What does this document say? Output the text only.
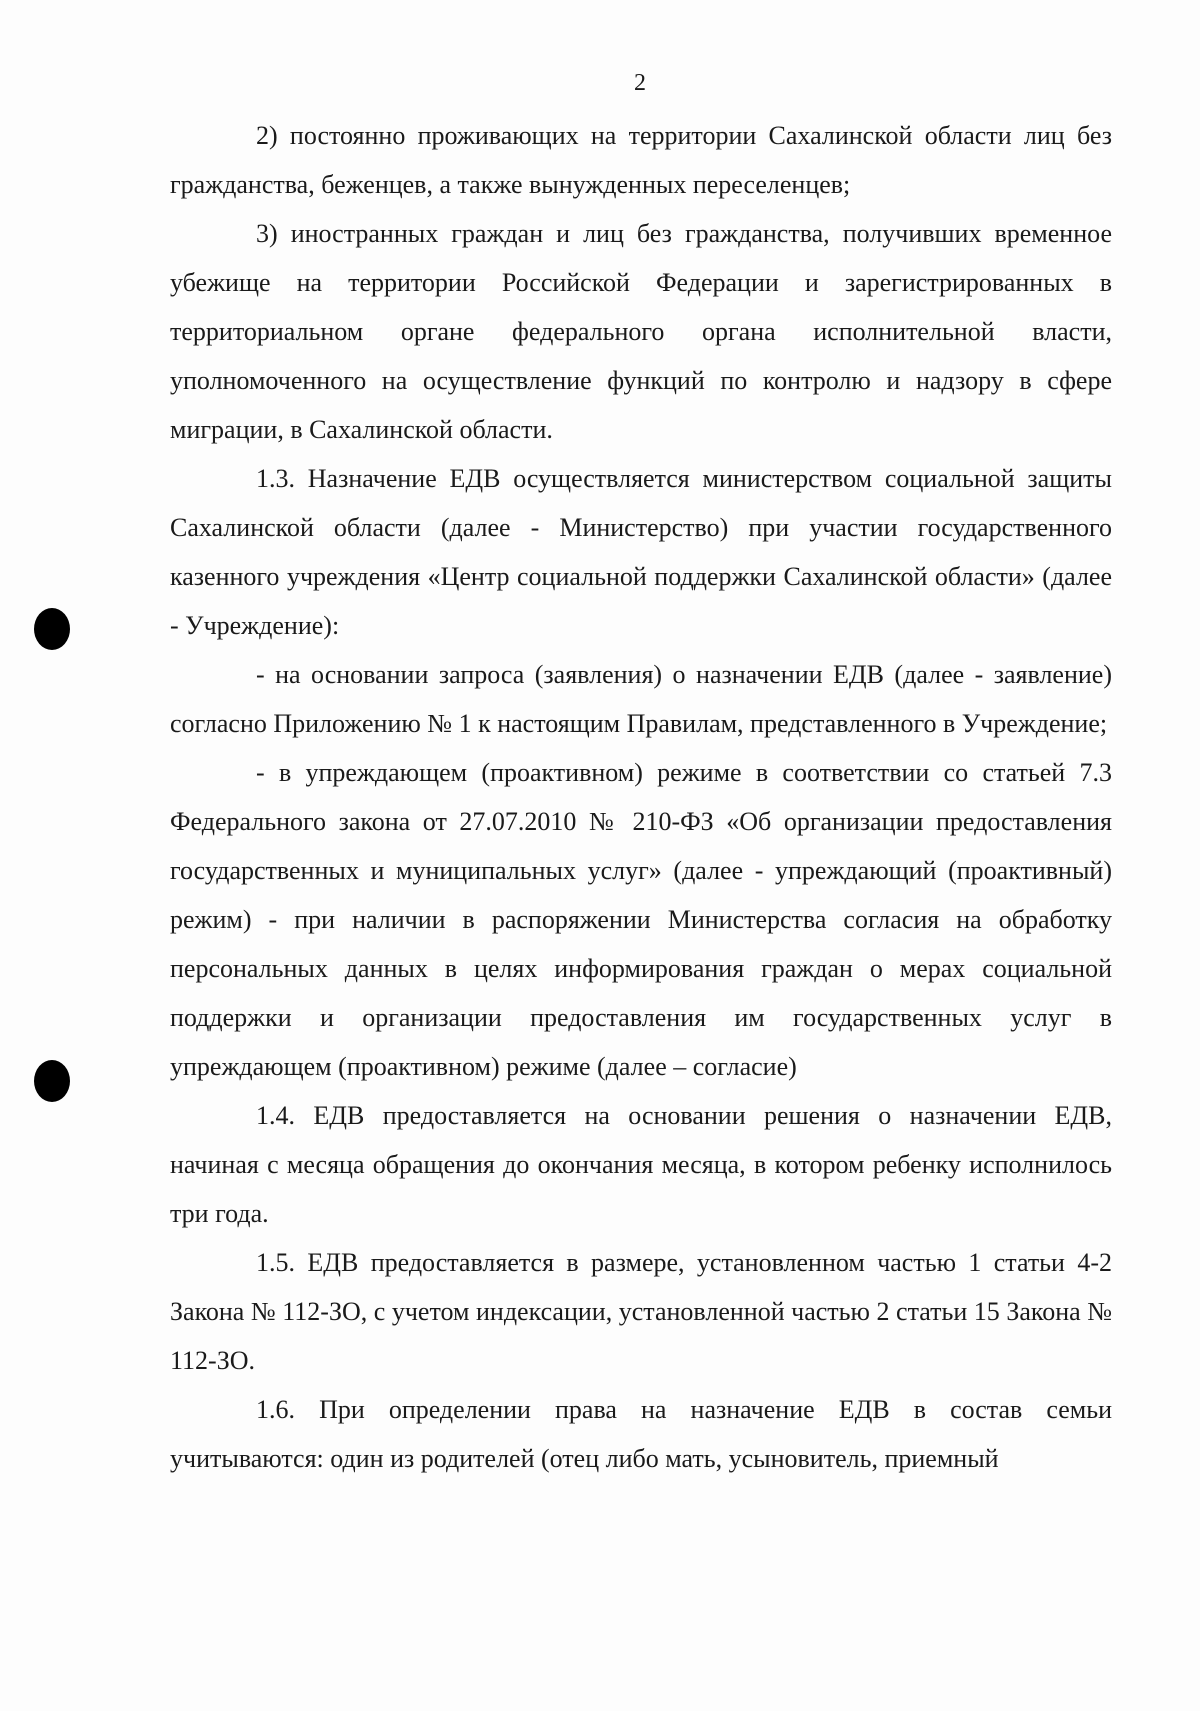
2

2) постоянно проживающих на территории Сахалинской области лиц без гражданства, беженцев, а также вынужденных переселенцев;

3) иностранных граждан и лиц без гражданства, получивших временное убежище на территории Российской Федерации и зарегистрированных в территориальном органе федерального органа исполнительной власти, уполномоченного на осуществление функций по контролю и надзору в сфере миграции, в Сахалинской области.

1.3. Назначение ЕДВ осуществляется министерством социальной защиты Сахалинской области (далее - Министерство) при участии государственного казенного учреждения «Центр социальной поддержки Сахалинской области» (далее - Учреждение):

- на основании запроса (заявления) о назначении ЕДВ (далее - заявление) согласно Приложению № 1 к настоящим Правилам, представленного в Учреждение;

- в упреждающем (проактивном) режиме в соответствии со статьей 7.3 Федерального закона от 27.07.2010 № 210-ФЗ «Об организации предоставления государственных и муниципальных услуг» (далее - упреждающий (проактивный) режим) - при наличии в распоряжении Министерства согласия на обработку персональных данных в целях информирования граждан о мерах социальной поддержки и организации предоставления им государственных услуг в упреждающем (проактивном) режиме (далее – согласие)

1.4. ЕДВ предоставляется на основании решения о назначении ЕДВ, начиная с месяца обращения до окончания месяца, в котором ребенку исполнилось три года.

1.5. ЕДВ предоставляется в размере, установленном частью 1 статьи 4-2 Закона № 112-ЗО, с учетом индексации, установленной частью 2 статьи 15 Закона № 112-ЗО.

1.6. При определении права на назначение ЕДВ в состав семьи учитываются: один из родителей (отец либо мать, усыновитель, приемный
